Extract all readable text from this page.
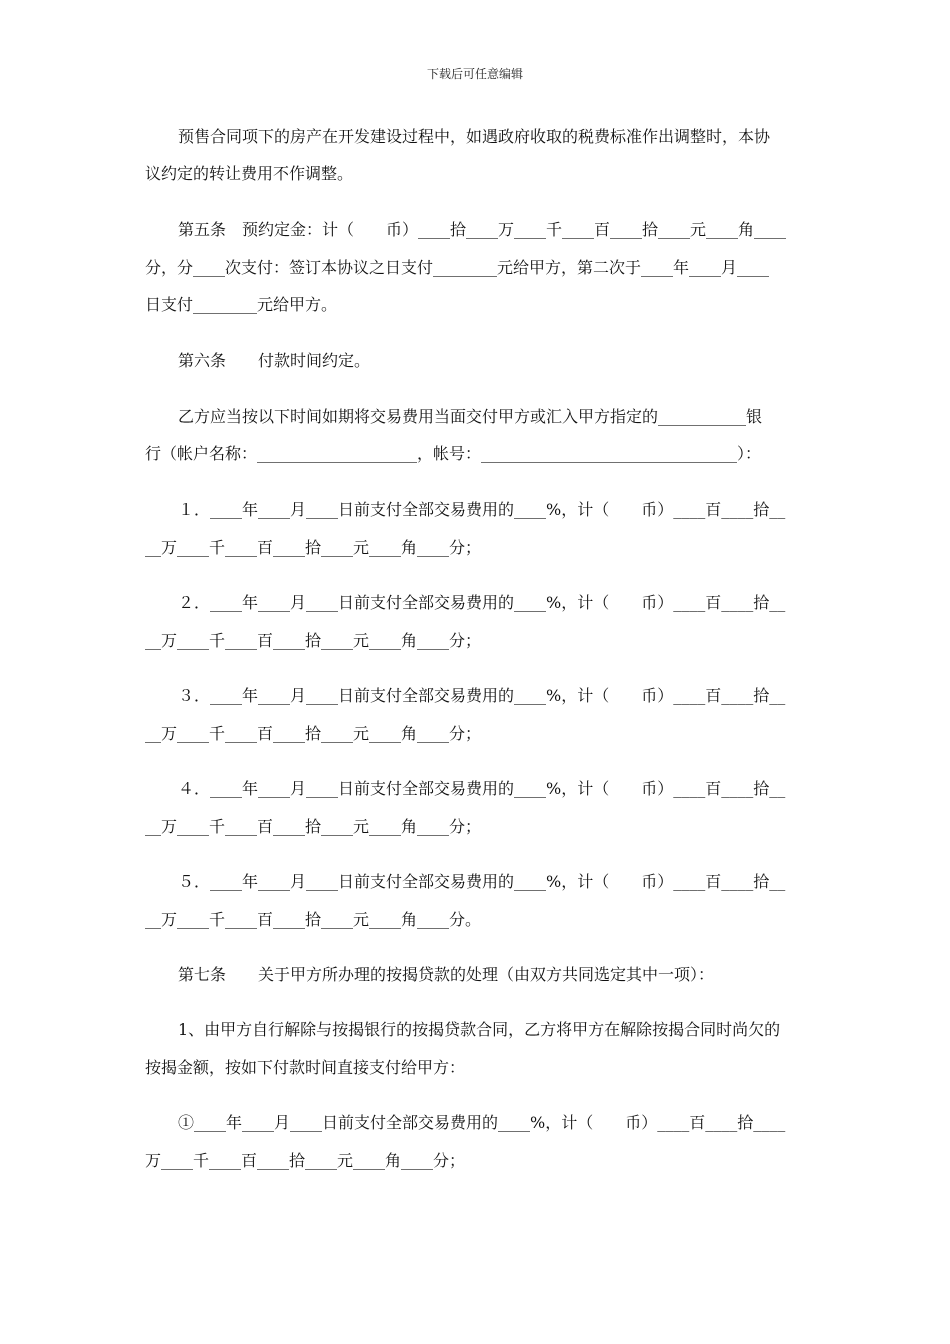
下载后可任意编辑
预售合同项下的房产在开发建设过程中，如遇政府收取的税费标准作出调整时，本协
议约定的转让费用不作调整。
第五条　预约定金：计（　　币）____拾____万____千____百____拾____元____角____
分，分____次支付：签订本协议之日支付________元给甲方，第二次于____年____月____
日支付________元给甲方。
第六条　　付款时间约定。
乙方应当按以下时间如期将交易费用当面交付甲方或汇入甲方指定的___________银
行（帐户名称：____________________，帐号：________________________________）：
１．____年____月____日前支付全部交易费用的____%，计（　　币）____百____拾__
__万____千____百____拾____元____角____分；
２．____年____月____日前支付全部交易费用的____%，计（　　币）____百____拾__
__万____千____百____拾____元____角____分；
３．____年____月____日前支付全部交易费用的____%，计（　　币）____百____拾__
__万____千____百____拾____元____角____分；
４．____年____月____日前支付全部交易费用的____%，计（　　币）____百____拾__
__万____千____百____拾____元____角____分；
５．____年____月____日前支付全部交易费用的____%，计（　　币）____百____拾__
__万____千____百____拾____元____角____分。
第七条　　关于甲方所办理的按揭贷款的处理（由双方共同选定其中一项）：
1、由甲方自行解除与按揭银行的按揭贷款合同，乙方将甲方在解除按揭合同时尚欠的
按揭金额，按如下付款时间直接支付给甲方：
①____年____月____日前支付全部交易费用的____%，计（　　币）____百____拾____
万____千____百____拾____元____角____分；
